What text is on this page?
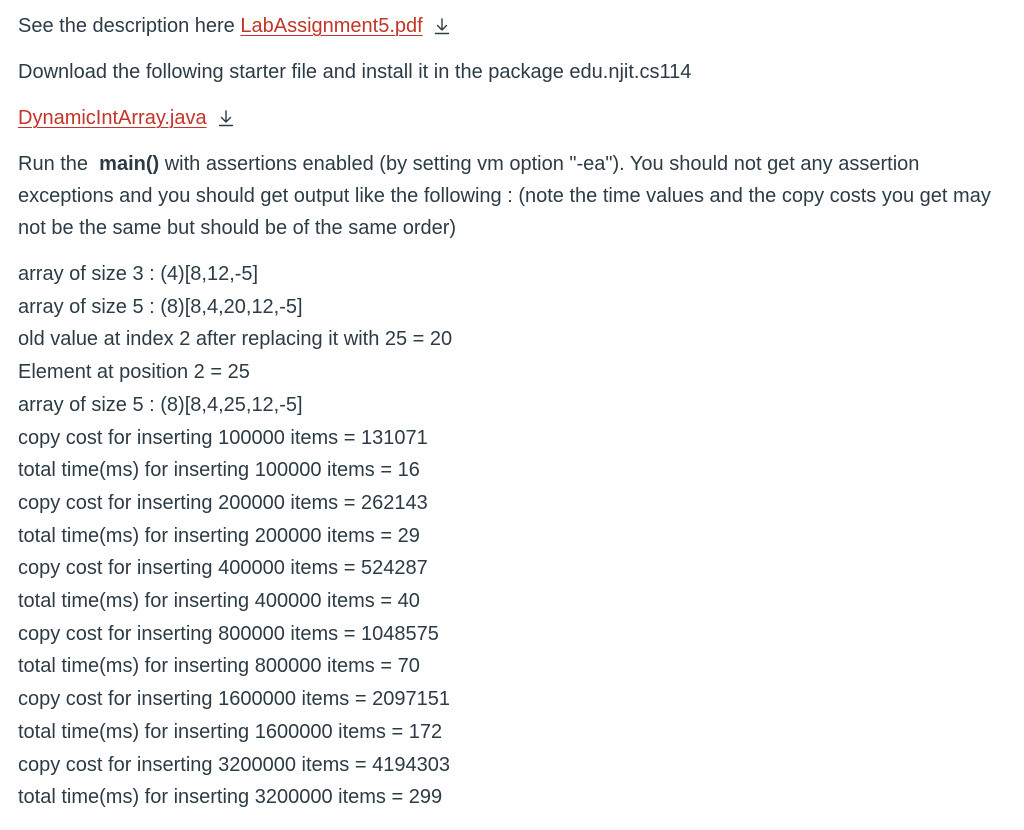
See the description here LabAssignment5.pdf

Download the following starter file and install it in the package edu.njit.cs114

DynamicIntArray.java

Run the  main() with assertions enabled (by setting vm option "-ea"). You should not get any assertion exceptions and you should get output like the following : (note the time values and the copy costs you get may not be the same but should be of the same order)

array of size 3 : (4)[8,12,-5]

array of size 5 : (8)[8,4,20,12,-5]

old value at index 2 after replacing it with 25 = 20

Element at position 2 = 25

array of size 5 : (8)[8,4,25,12,-5]

copy cost for inserting 100000 items = 131071

total time(ms) for inserting 100000 items = 16

copy cost for inserting 200000 items = 262143

total time(ms) for inserting 200000 items = 29

copy cost for inserting 400000 items = 524287

total time(ms) for inserting 400000 items = 40

copy cost for inserting 800000 items = 1048575

total time(ms) for inserting 800000 items = 70

copy cost for inserting 1600000 items = 2097151

total time(ms) for inserting 1600000 items = 172

copy cost for inserting 3200000 items = 4194303

total time(ms) for inserting 3200000 items = 299
